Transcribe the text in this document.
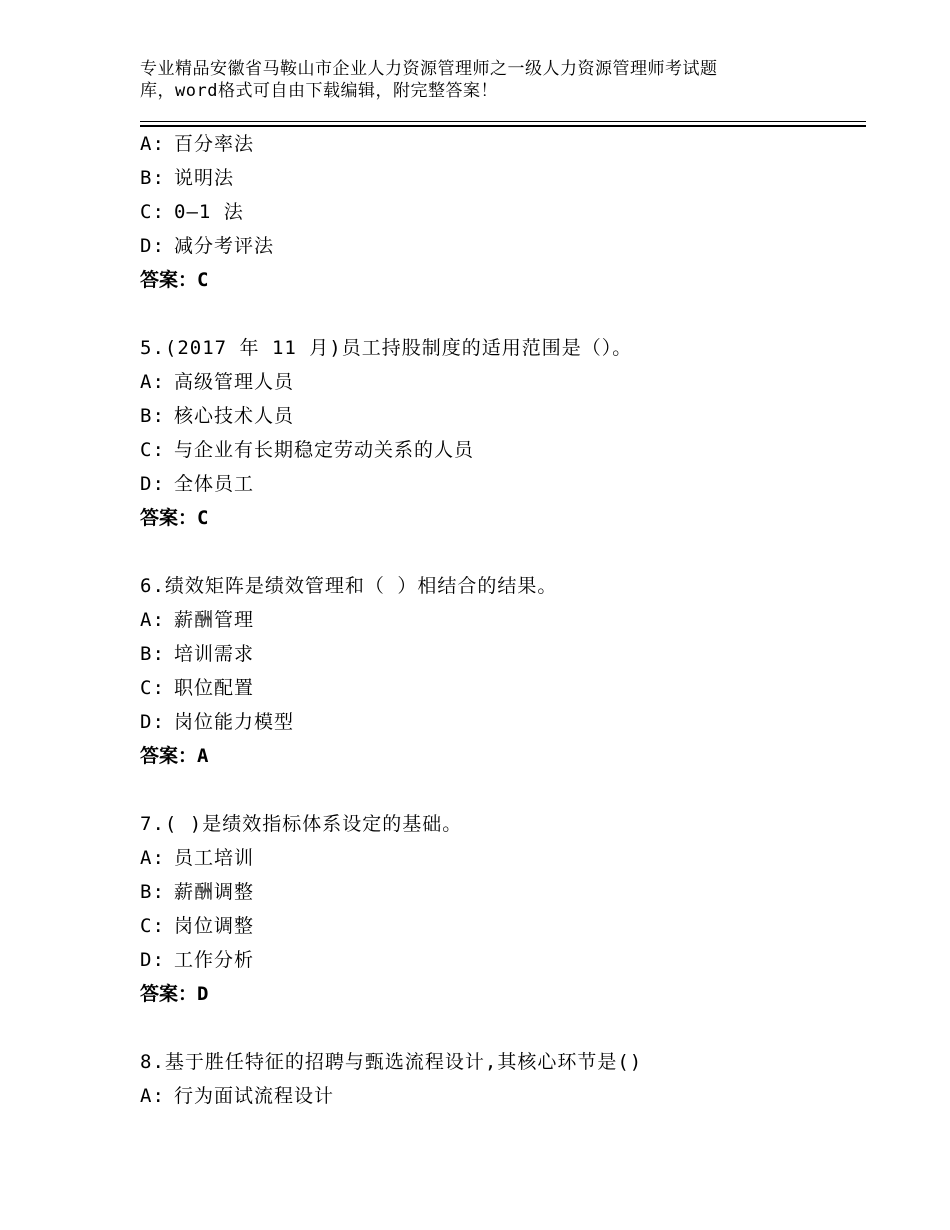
专业精品安徽省马鞍山市企业人力资源管理师之一级人力资源管理师考试题
库，word格式可自由下载编辑，附完整答案！
A: 百分率法
B: 说明法
C: 0—1 法
D: 减分考评法
答案：C
5.(2017 年 11 月)员工持股制度的适用范围是（）。
A: 高级管理人员
B: 核心技术人员
C: 与企业有长期稳定劳动关系的人员
D: 全体员工
答案：C
6.绩效矩阵是绩效管理和（ ）相结合的结果。
A: 薪酬管理
B: 培训需求
C: 职位配置
D: 岗位能力模型
答案：A
7.( )是绩效指标体系设定的基础。
A: 员工培训
B: 薪酬调整
C: 岗位调整
D: 工作分析
答案：D
8.基于胜任特征的招聘与甄选流程设计,其核心环节是()
A: 行为面试流程设计
